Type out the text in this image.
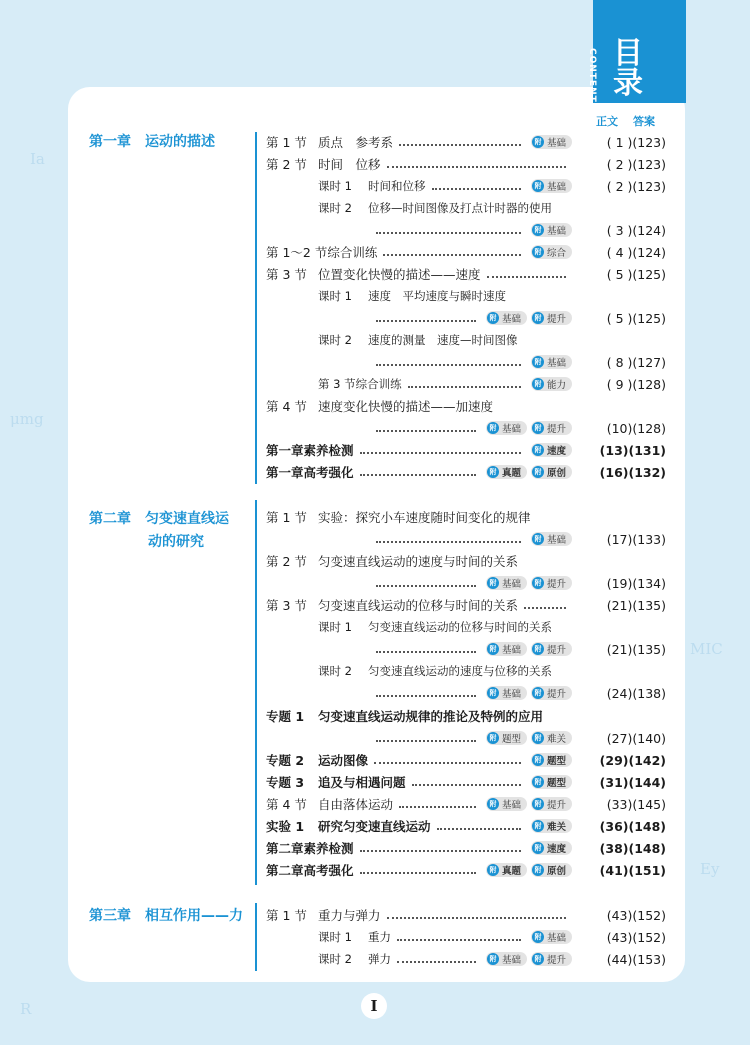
μmg
MIC
R
Ey
Ia
目录
CONTENTS
正文 答案
第一章　运动的描述
第二章　匀变速直线运
动的研究
第三章　相互作用——力
第 1 节 质点　参考系	附 基础	( 1 )(123)
第 2 节 时间　位移	( 2 )(123)
课时 1	时间和位移	附 基础	( 2 )(123)
课时 2	位移—时间图像及打点计时器的使用
附 基础	( 3 )(124)
第 1～2 节综合训练	附 综合	( 4 )(124)
第 3 节 位置变化快慢的描述——速度	( 5 )(125)
课时 1	速度　平均速度与瞬时速度
附 基础	附 提升	( 5 )(125)
课时 2	速度的测量　速度—时间图像
附 基础	( 8 )(127)
第 3 节综合训练	附 能力	( 9 )(128)
第 4 节 速度变化快慢的描述——加速度
附 基础	附 提升	(10)(128)
第一章素养检测	附 速度	(13)(131)
第一章高考强化	附 真题	附 原创	(16)(132)
第 1 节 实验：探究小车速度随时间变化的规律
附 基础	(17)(133)
第 2 节 匀变速直线运动的速度与时间的关系
附 基础	附 提升	(19)(134)
第 3 节 匀变速直线运动的位移与时间的关系	(21)(135)
课时 1	匀变速直线运动的位移与时间的关系
附 基础	附 提升	(21)(135)
课时 2	匀变速直线运动的速度与位移的关系
附 基础	附 提升	(24)(138)
专题 1	匀变速直线运动规律的推论及特例的应用
附 题型	附 难关	(27)(140)
专题 2	运动图像	附 题型	(29)(142)
专题 3	追及与相遇问题	附 题型	(31)(144)
第 4 节 自由落体运动	附 基础	附 提升	(33)(145)
实验 1	研究匀变速直线运动	附 难关	(36)(148)
第二章素养检测	附 速度	(38)(148)
第二章高考强化	附 真题	附 原创	(41)(151)
第 1 节 重力与弹力	(43)(152)
课时 1	重力	附 基础	(43)(152)
课时 2	弹力	附 基础	附 提升	(44)(153)
I
